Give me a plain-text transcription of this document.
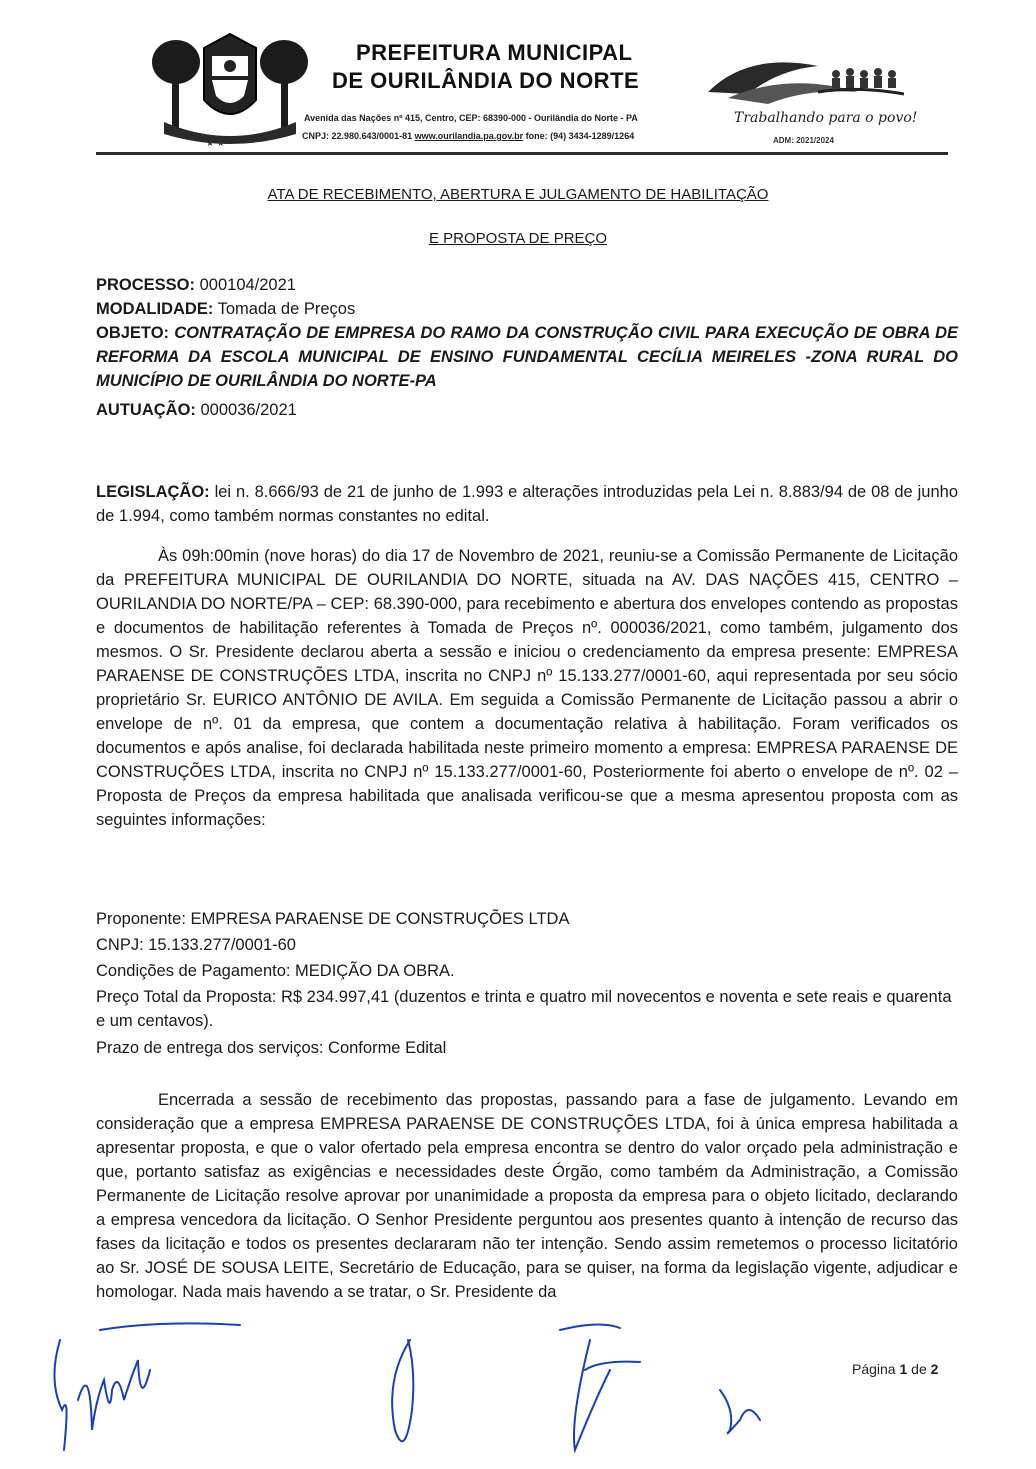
★ ★
PREFEITURA MUNICIPAL
DE OURILÂNDIA DO NORTE
Avenida das Nações nº 415, Centro, CEP: 68390-000 - Ourilândia do Norte - PA
CNPJ: 22.980.643/0001-81 www.ourilandia.pa.gov.br fone: (94) 3434-1289/1264
Trabalhando para o povo!
ADM: 2021/2024
ATA DE RECEBIMENTO, ABERTURA E JULGAMENTO DE HABILITAÇÃO
E PROPOSTA DE PREÇO
PROCESSO: 000104/2021
MODALIDADE: Tomada de Preços
OBJETO: CONTRATAÇÃO DE EMPRESA DO RAMO DA CONSTRUÇÃO CIVIL PARA EXECUÇÃO DE OBRA DE REFORMA DA ESCOLA MUNICIPAL DE ENSINO FUNDAMENTAL CECÍLIA MEIRELES -ZONA RURAL DO MUNICÍPIO DE OURILÂNDIA DO NORTE-PA
AUTUAÇÃO: 000036/2021
LEGISLAÇÃO: lei n. 8.666/93 de 21 de junho de 1.993 e alterações introduzidas pela Lei n. 8.883/94 de 08 de junho de 1.994, como também normas constantes no edital.
Às 09h:00min (nove horas) do dia 17 de Novembro de 2021, reuniu-se a Comissão Permanente de Licitação da PREFEITURA MUNICIPAL DE OURILANDIA DO NORTE, situada na AV. DAS NAÇÕES 415, CENTRO – OURILANDIA DO NORTE/PA – CEP: 68.390-000, para recebimento e abertura dos envelopes contendo as propostas e documentos de habilitação referentes à Tomada de Preços nº. 000036/2021, como também, julgamento dos mesmos. O Sr. Presidente declarou aberta a sessão e iniciou o credenciamento da empresa presente: EMPRESA PARAENSE DE CONSTRUÇÕES LTDA, inscrita no CNPJ nº 15.133.277/0001-60, aqui representada por seu sócio proprietário Sr. EURICO ANTÔNIO DE AVILA. Em seguida a Comissão Permanente de Licitação passou a abrir o envelope de nº. 01 da empresa, que contem a documentação relativa à habilitação. Foram verificados os documentos e após analise, foi declarada habilitada neste primeiro momento a empresa: EMPRESA PARAENSE DE CONSTRUÇÕES LTDA, inscrita no CNPJ nº 15.133.277/0001-60, Posteriormente foi aberto o envelope de nº. 02 – Proposta de Preços da empresa habilitada que analisada verificou-se que a mesma apresentou proposta com as seguintes informações:
Proponente: EMPRESA PARAENSE DE CONSTRUÇÕES LTDA
CNPJ: 15.133.277/0001-60
Condições de Pagamento: MEDIÇÃO DA OBRA.
Preço Total da Proposta: R$ 234.997,41 (duzentos e trinta e quatro mil novecentos e noventa e sete reais e quarenta e um centavos).
Prazo de entrega dos serviços: Conforme Edital
Encerrada a sessão de recebimento das propostas, passando para a fase de julgamento. Levando em consideração que a empresa EMPRESA PARAENSE DE CONSTRUÇÕES LTDA, foi à única empresa habilitada a apresentar proposta, e que o valor ofertado pela empresa encontra se dentro do valor orçado pela administração e que, portanto satisfaz as exigências e necessidades deste Órgão, como também da Administração, a Comissão Permanente de Licitação resolve aprovar por unanimidade a proposta da empresa para o objeto licitado, declarando a empresa vencedora da licitação. O Senhor Presidente perguntou aos presentes quanto à intenção de recurso das fases da licitação e todos os presentes declararam não ter intenção. Sendo assim remetemos o processo licitatório ao Sr. JOSÉ DE SOUSA LEITE, Secretário de Educação, para se quiser, na forma da legislação vigente, adjudicar e homologar. Nada mais havendo a se tratar, o Sr. Presidente da
Página 1 de 2
